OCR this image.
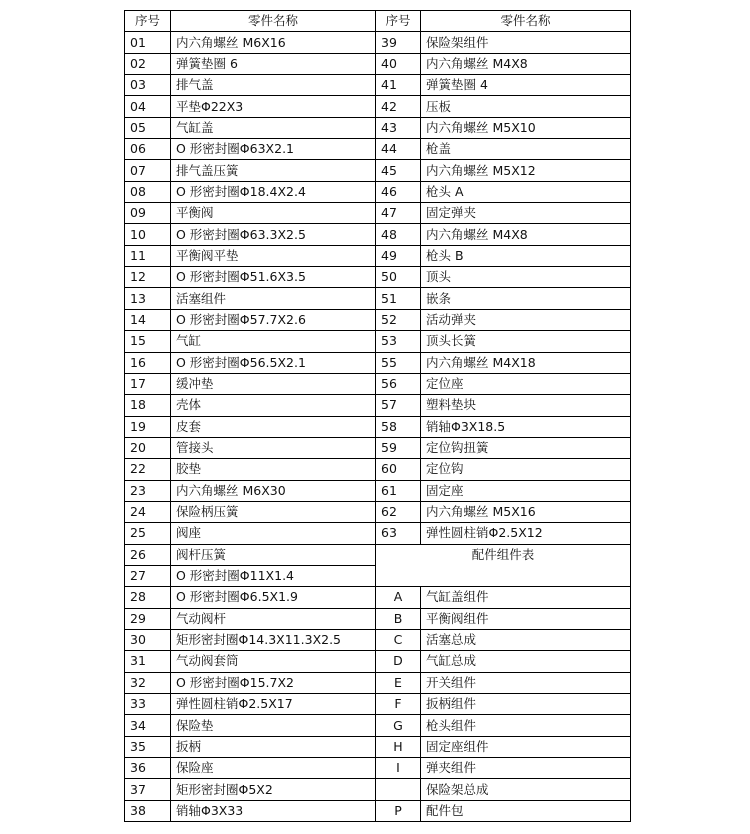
序号	零件名称	序号	零件名称
01	内六角螺丝 M6X16	39	保险架组件
02	弹簧垫圈 6	40	内六角螺丝 M4X8
03	排气盖	41	弹簧垫圈 4
04	平垫Φ22X3	42	压板
05	气缸盖	43	内六角螺丝 M5X10
06	O 形密封圈Φ63X2.1	44	枪盖
07	排气盖压簧	45	内六角螺丝 M5X12
08	O 形密封圈Φ18.4X2.4	46	枪头 A
09	平衡阀	47	固定弹夹
10	O 形密封圈Φ63.3X2.5	48	内六角螺丝 M4X8
11	平衡阀平垫	49	枪头 B
12	O 形密封圈Φ51.6X3.5	50	顶头
13	活塞组件	51	嵌条
14	O 形密封圈Φ57.7X2.6	52	活动弹夹
15	气缸	53	顶头长簧
16	O 形密封圈Φ56.5X2.1	55	内六角螺丝 M4X18
17	缓冲垫	56	定位座
18	壳体	57	塑料垫块
19	皮套	58	销轴Φ3X18.5
20	管接头	59	定位钩扭簧
22	胶垫	60	定位钩
23	内六角螺丝 M6X30	61	固定座
24	保险柄压簧	62	内六角螺丝 M5X16
25	阀座	63	弹性圆柱销Φ2.5X12
26	阀杆压簧	配件组件表	
27	O 形密封圈Φ11X1.4		
28	O 形密封圈Φ6.5X1.9	A	气缸盖组件
29	气动阀杆	B	平衡阀组件
30	矩形密封圈Φ14.3X11.3X2.5	C	活塞总成
31	气动阀套筒	D	气缸总成
32	O 形密封圈Φ15.7X2	E	开关组件
33	弹性圆柱销Φ2.5X17	F	扳柄组件
34	保险垫	G	枪头组件
35	扳柄	H	固定座组件
36	保险座	I	弹夹组件
37	矩形密封圈Φ5X2		保险架总成
38	销轴Φ3X33	P	配件包
